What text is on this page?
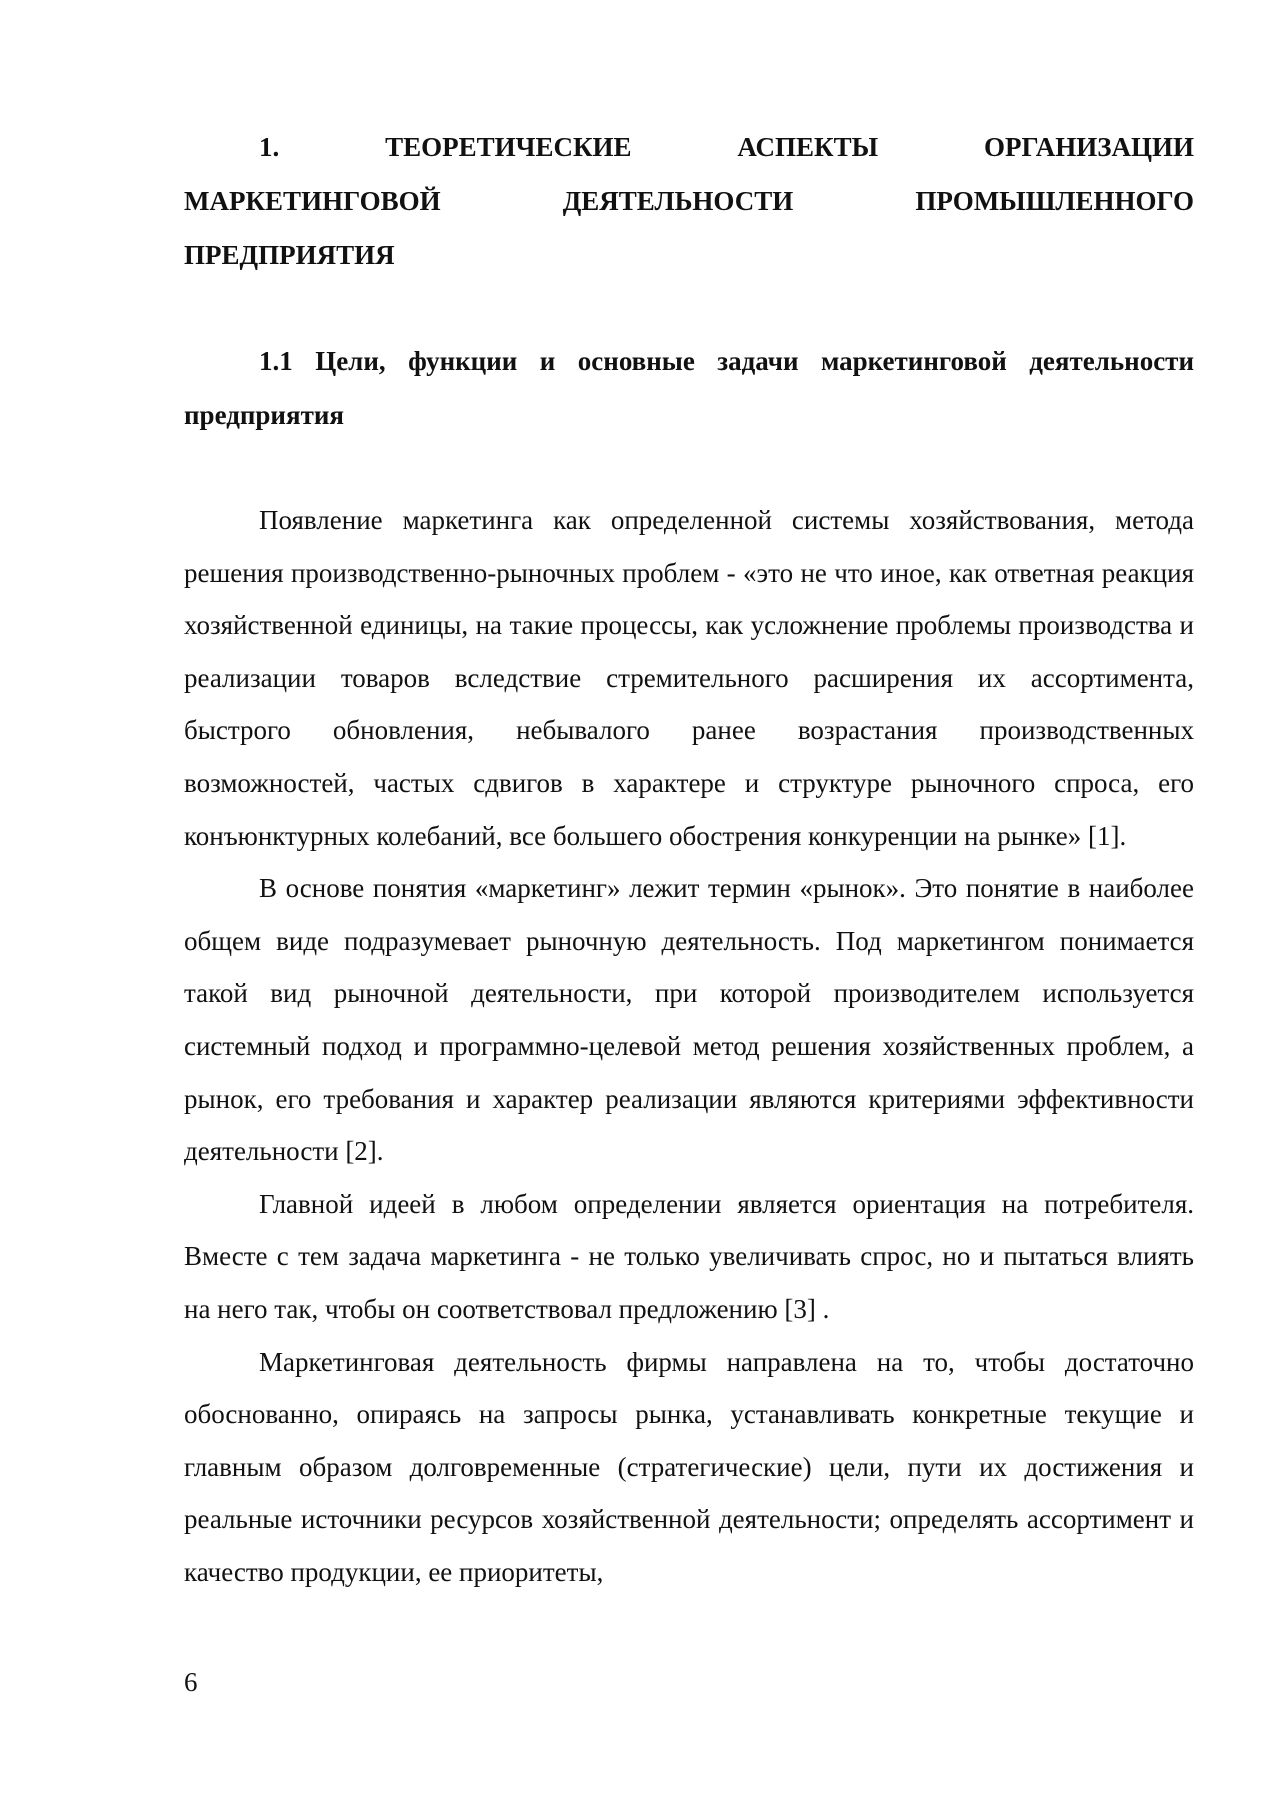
1. ТЕОРЕТИЧЕСКИЕ АСПЕКТЫ ОРГАНИЗАЦИИ
МАРКЕТИНГОВОЙ ДЕЯТЕЛЬНОСТИ ПРОМЫШЛЕННОГО
ПРЕДПРИЯТИЯ
1.1 Цели, функции и основные задачи маркетинговой деятельности предприятия

Появление маркетинга как определенной системы хозяйствования, метода решения производственно-рыночных проблем - «это не что иное, как ответная реакция хозяйственной единицы, на такие процессы, как усложнение проблемы производства и реализации товаров вследствие стремительного расширения их ассортимента, быстрого обновления, небывалого ранее возрастания производственных возможностей, частых сдвигов в характере и структуре рыночного спроса, его конъюнктурных колебаний, все большего обострения конкуренции на рынке» [1].

В основе понятия «маркетинг» лежит термин «рынок». Это понятие в наиболее общем виде подразумевает рыночную деятельность. Под маркетингом понимается такой вид рыночной деятельности, при которой производителем используется системный подход и программно-целевой метод решения хозяйственных проблем, а рынок, его требования и характер реализации являются критериями эффективности деятельности [2].

Главной идеей в любом определении является ориентация на потребителя. Вместе с тем задача маркетинга - не только увеличивать спрос, но и пытаться влиять на него так, чтобы он соответствовал предложению [3] .

Маркетинговая деятельность фирмы направлена на то, чтобы достаточно обоснованно, опираясь на запросы рынка, устанавливать конкретные текущие и главным образом долговременные (стратегические) цели, пути их достижения и реальные источники ресурсов хозяйственной деятельности; определять ассортимент и качество продукции, ее приоритеты,

6
